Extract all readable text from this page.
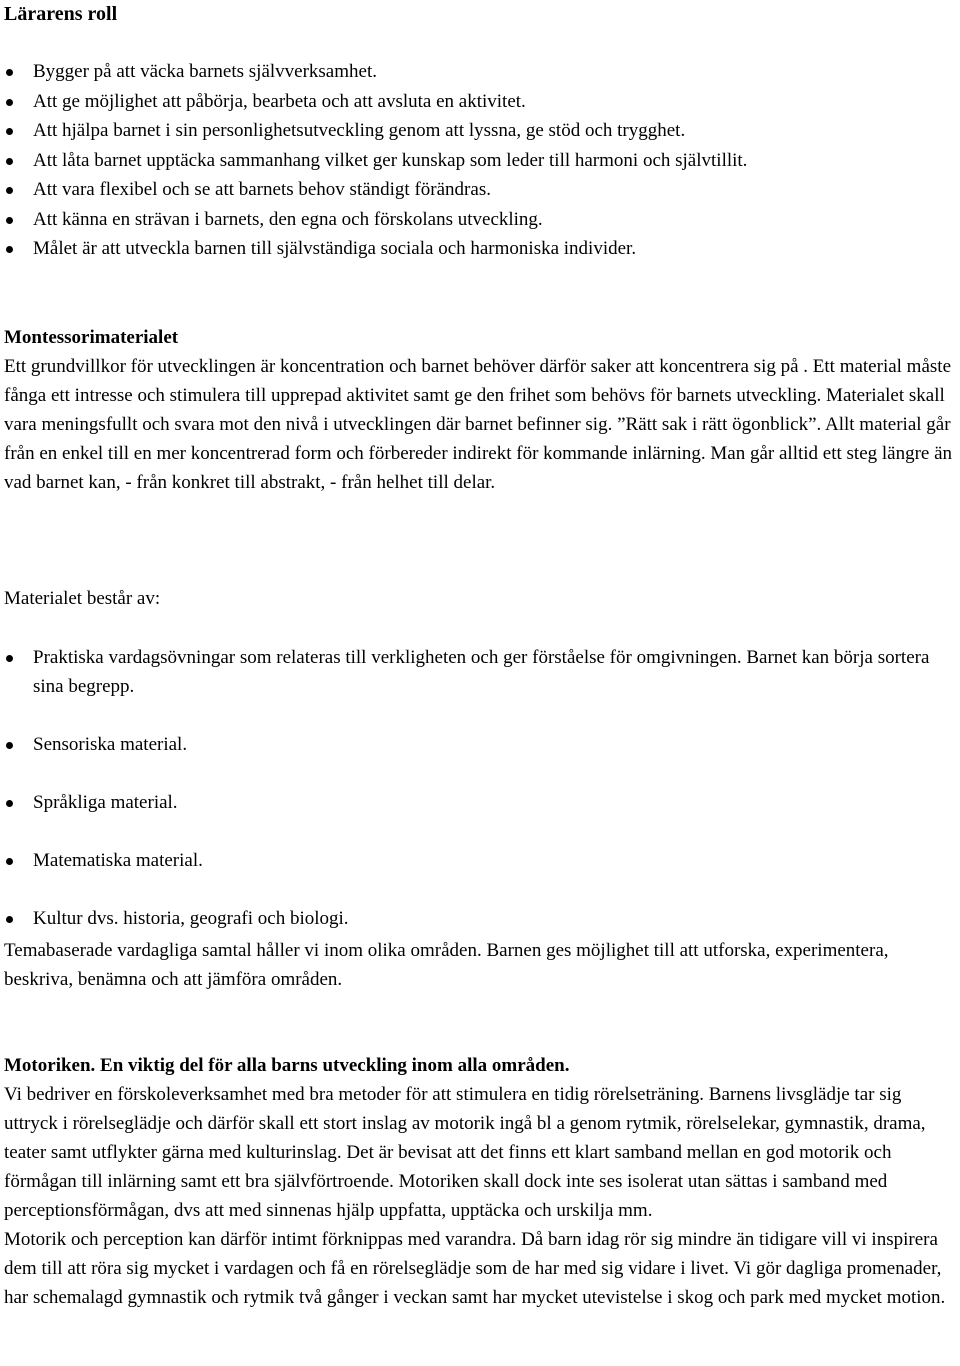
Lärarens roll

Bygger på att väcka barnets självverksamhet.
Att ge möjlighet att påbörja, bearbeta och att avsluta en aktivitet.
Att hjälpa barnet i sin personlighetsutveckling genom att lyssna, ge stöd och trygghet.
Att låta barnet upptäcka sammanhang vilket ger kunskap som leder till harmoni och självtillit.
Att vara flexibel och se att barnets behov ständigt förändras.
Att känna en strävan i barnets, den egna och förskolans utveckling.
Målet är att utveckla barnen till självständiga sociala och harmoniska individer.

Montessorimaterialet

Ett grundvillkor för utvecklingen är koncentration och barnet behöver därför saker att koncentrera sig på . Ett material måste fånga ett intresse och stimulera till upprepad aktivitet samt ge den frihet som behövs för barnets utveckling. Materialet skall vara meningsfullt och svara mot den nivå i utvecklingen där barnet befinner sig. ”Rätt sak i rätt ögonblick”. Allt material går från en enkel till en mer koncentrerad form och förbereder indirekt för kommande inlärning. Man går alltid ett steg längre än vad barnet kan, - från konkret till abstrakt, - från helhet till delar.

Materialet består av:

Praktiska vardagsövningar som relateras till verkligheten och ger förståelse för omgivningen. Barnet kan börja sortera sina begrepp.
Sensoriska material.
Språkliga material.
Matematiska material.
Kultur dvs. historia, geografi och biologi.

Temabaserade vardagliga samtal håller vi inom olika områden. Barnen ges möjlighet till att utforska, experimentera, beskriva, benämna och att jämföra områden.

Motoriken. En viktig del för alla barns utveckling inom alla områden.

Vi bedriver en förskoleverksamhet med bra metoder för att stimulera en tidig rörelseträning. Barnens livsglädje tar sig uttryck i rörelseglädje och därför skall ett stort inslag av motorik ingå bl a genom rytmik, rörelselekar, gymnastik, drama, teater samt utflykter gärna med kulturinslag. Det är bevisat att det finns ett klart samband mellan en god motorik och förmågan till inlärning samt ett bra självförtroende. Motoriken skall dock inte ses isolerat utan sättas i samband med perceptionsförmågan, dvs att med sinnenas hjälp uppfatta, upptäcka och urskilja mm.

Motorik och perception kan därför intimt förknippas med varandra. Då barn idag rör sig mindre än tidigare vill vi inspirera dem till att röra sig mycket i vardagen och få en rörelseglädje som de har med sig vidare i livet. Vi gör dagliga promenader, har schemalagd gymnastik och rytmik två gånger i veckan samt har mycket utevistelse i skog och park med mycket motion.
